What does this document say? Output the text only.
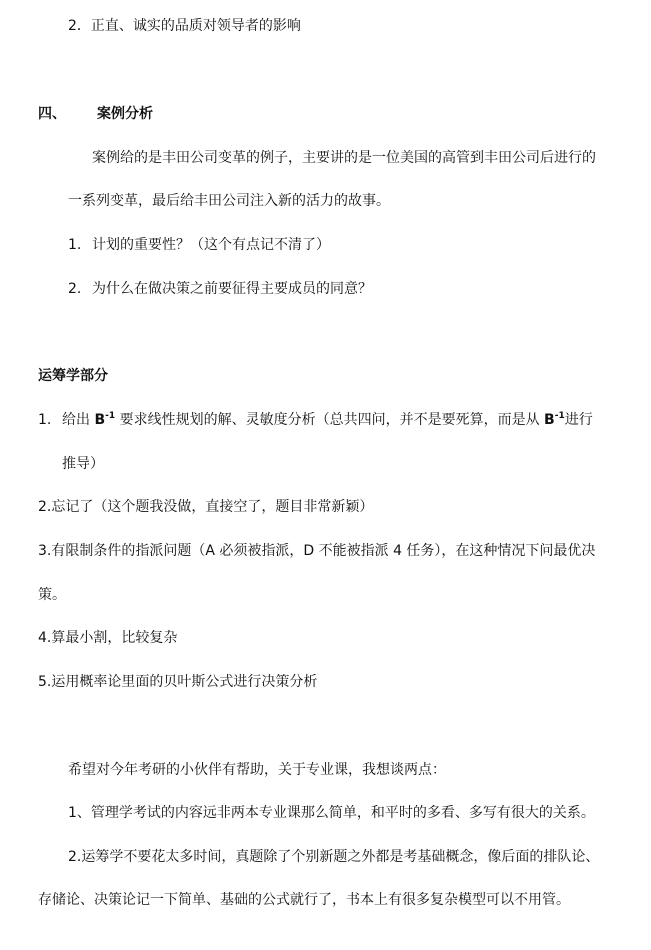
2．正直、诚实的品质对领导者的影响
四、 案例分析
案例给的是丰田公司变革的例子，主要讲的是一位美国的高管到丰田公司后进行的
一系列变革，最后给丰田公司注入新的活力的故事。
1. 计划的重要性？（这个有点记不清了）
2. 为什么在做决策之前要征得主要成员的同意？
运筹学部分
1. 给出 $B^{-1}$ 要求线性规划的解、灵敏度分析（总共四问，并不是要死算，而是从 $B^{-1}$进行
推导）
2.忘记了（这个题我没做，直接空了，题目非常新颖）
3.有限制条件的指派问题（A 必须被指派，D 不能被指派 4 任务），在这种情况下问最优决
策。
4.算最小割，比较复杂
5.运用概率论里面的贝叶斯公式进行决策分析
希望对今年考研的小伙伴有帮助，关于专业课，我想谈两点：
1、管理学考试的内容远非两本专业课那么简单，和平时的多看、多写有很大的关系。
2.运筹学不要花太多时间，真题除了个别新题之外都是考基础概念，像后面的排队论、
存储论、决策论记一下简单、基础的公式就行了，书本上有很多复杂模型可以不用管。
